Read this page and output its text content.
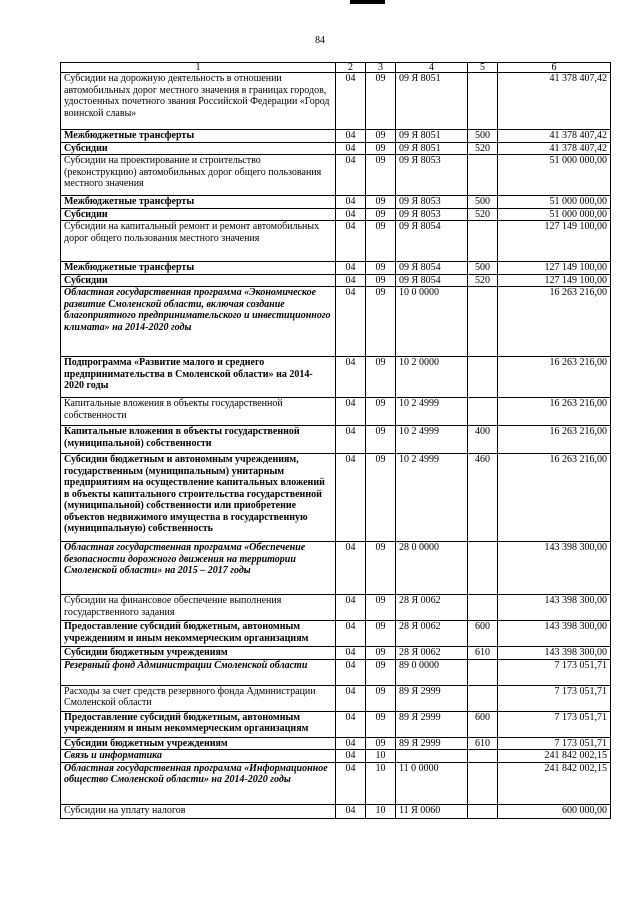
84
1	2	3	4	5	6
Субсидии на дорожную деятельность в отношении автомобильных дорог местного значения в границах городов, удостоенных почетного звания Российской Федерации «Город воинской славы»	04	09	09 Я 8051		41 378 407,42
Межбюджетные трансферты	04	09	09 Я 8051	500	41 378 407,42
Субсидии	04	09	09 Я 8051	520	41 378 407,42
Субсидии на проектирование и строительство (реконструкцию) автомобильных дорог общего пользования местного значения	04	09	09 Я 8053		51 000 000,00
Межбюджетные трансферты	04	09	09 Я 8053	500	51 000 000,00
Субсидии	04	09	09 Я 8053	520	51 000 000,00
Субсидии на капитальный ремонт и ремонт автомобильных дорог общего пользования местного значения	04	09	09 Я 8054		127 149 100,00
Межбюджетные трансферты	04	09	09 Я 8054	500	127 149 100,00
Субсидии	04	09	09 Я 8054	520	127 149 100,00
Областная государственная программа «Экономическое развитие Смоленской области, включая создание благоприятного предпринимательского и инвестиционного климата» на 2014-2020 годы	04	09	10 0 0000		16 263 216,00
Подпрограмма «Развитие малого и среднего предпринимательства в Смоленской области» на 2014-2020 годы	04	09	10 2 0000		16 263 216,00
Капитальные вложения в объекты государственной собственности	04	09	10 2 4999		16 263 216,00
Капитальные вложения в объекты государственной (муниципальной) собственности	04	09	10 2 4999	400	16 263 216,00
Субсидии бюджетным и автономным учреждениям, государственным (муниципальным) унитарным предприятиям на осуществление капитальных вложений в объекты капитального строительства государственной (муниципальной) собственности или приобретение объектов недвижимого имущества в государственную (муниципальную) собственность	04	09	10 2 4999	460	16 263 216,00
Областная государственная программа «Обеспечение безопасности дорожного движения на территории Смоленской области» на 2015 – 2017 годы	04	09	28 0 0000		143 398 300,00
Субсидии на финансовое обеспечение выполнения государственного задания	04	09	28 Я 0062		143 398 300,00
Предоставление субсидий бюджетным, автономным учреждениям и иным некоммерческим организациям	04	09	28 Я 0062	600	143 398 300,00
Субсидии бюджетным учреждениям	04	09	28 Я 0062	610	143 398 300,00
Резервный фонд Администрации Смоленской области	04	09	89 0 0000		7 173 051,71
Расходы за счет средств резервного фонда Администрации Смоленской области	04	09	89 Я 2999		7 173 051,71
Предоставление субсидий бюджетным, автономным учреждениям и иным некоммерческим организациям	04	09	89 Я 2999	600	7 173 051,71
Субсидии бюджетным учреждениям	04	09	89 Я 2999	610	7 173 051,71
Связь и информатика	04	10			241 842 002,15
Областная государственная программа «Информационное общество Смоленской области» на 2014-2020 годы	04	10	11 0 0000		241 842 002,15
Субсидии на уплату налогов	04	10	11 Я 0060		600 000,00
